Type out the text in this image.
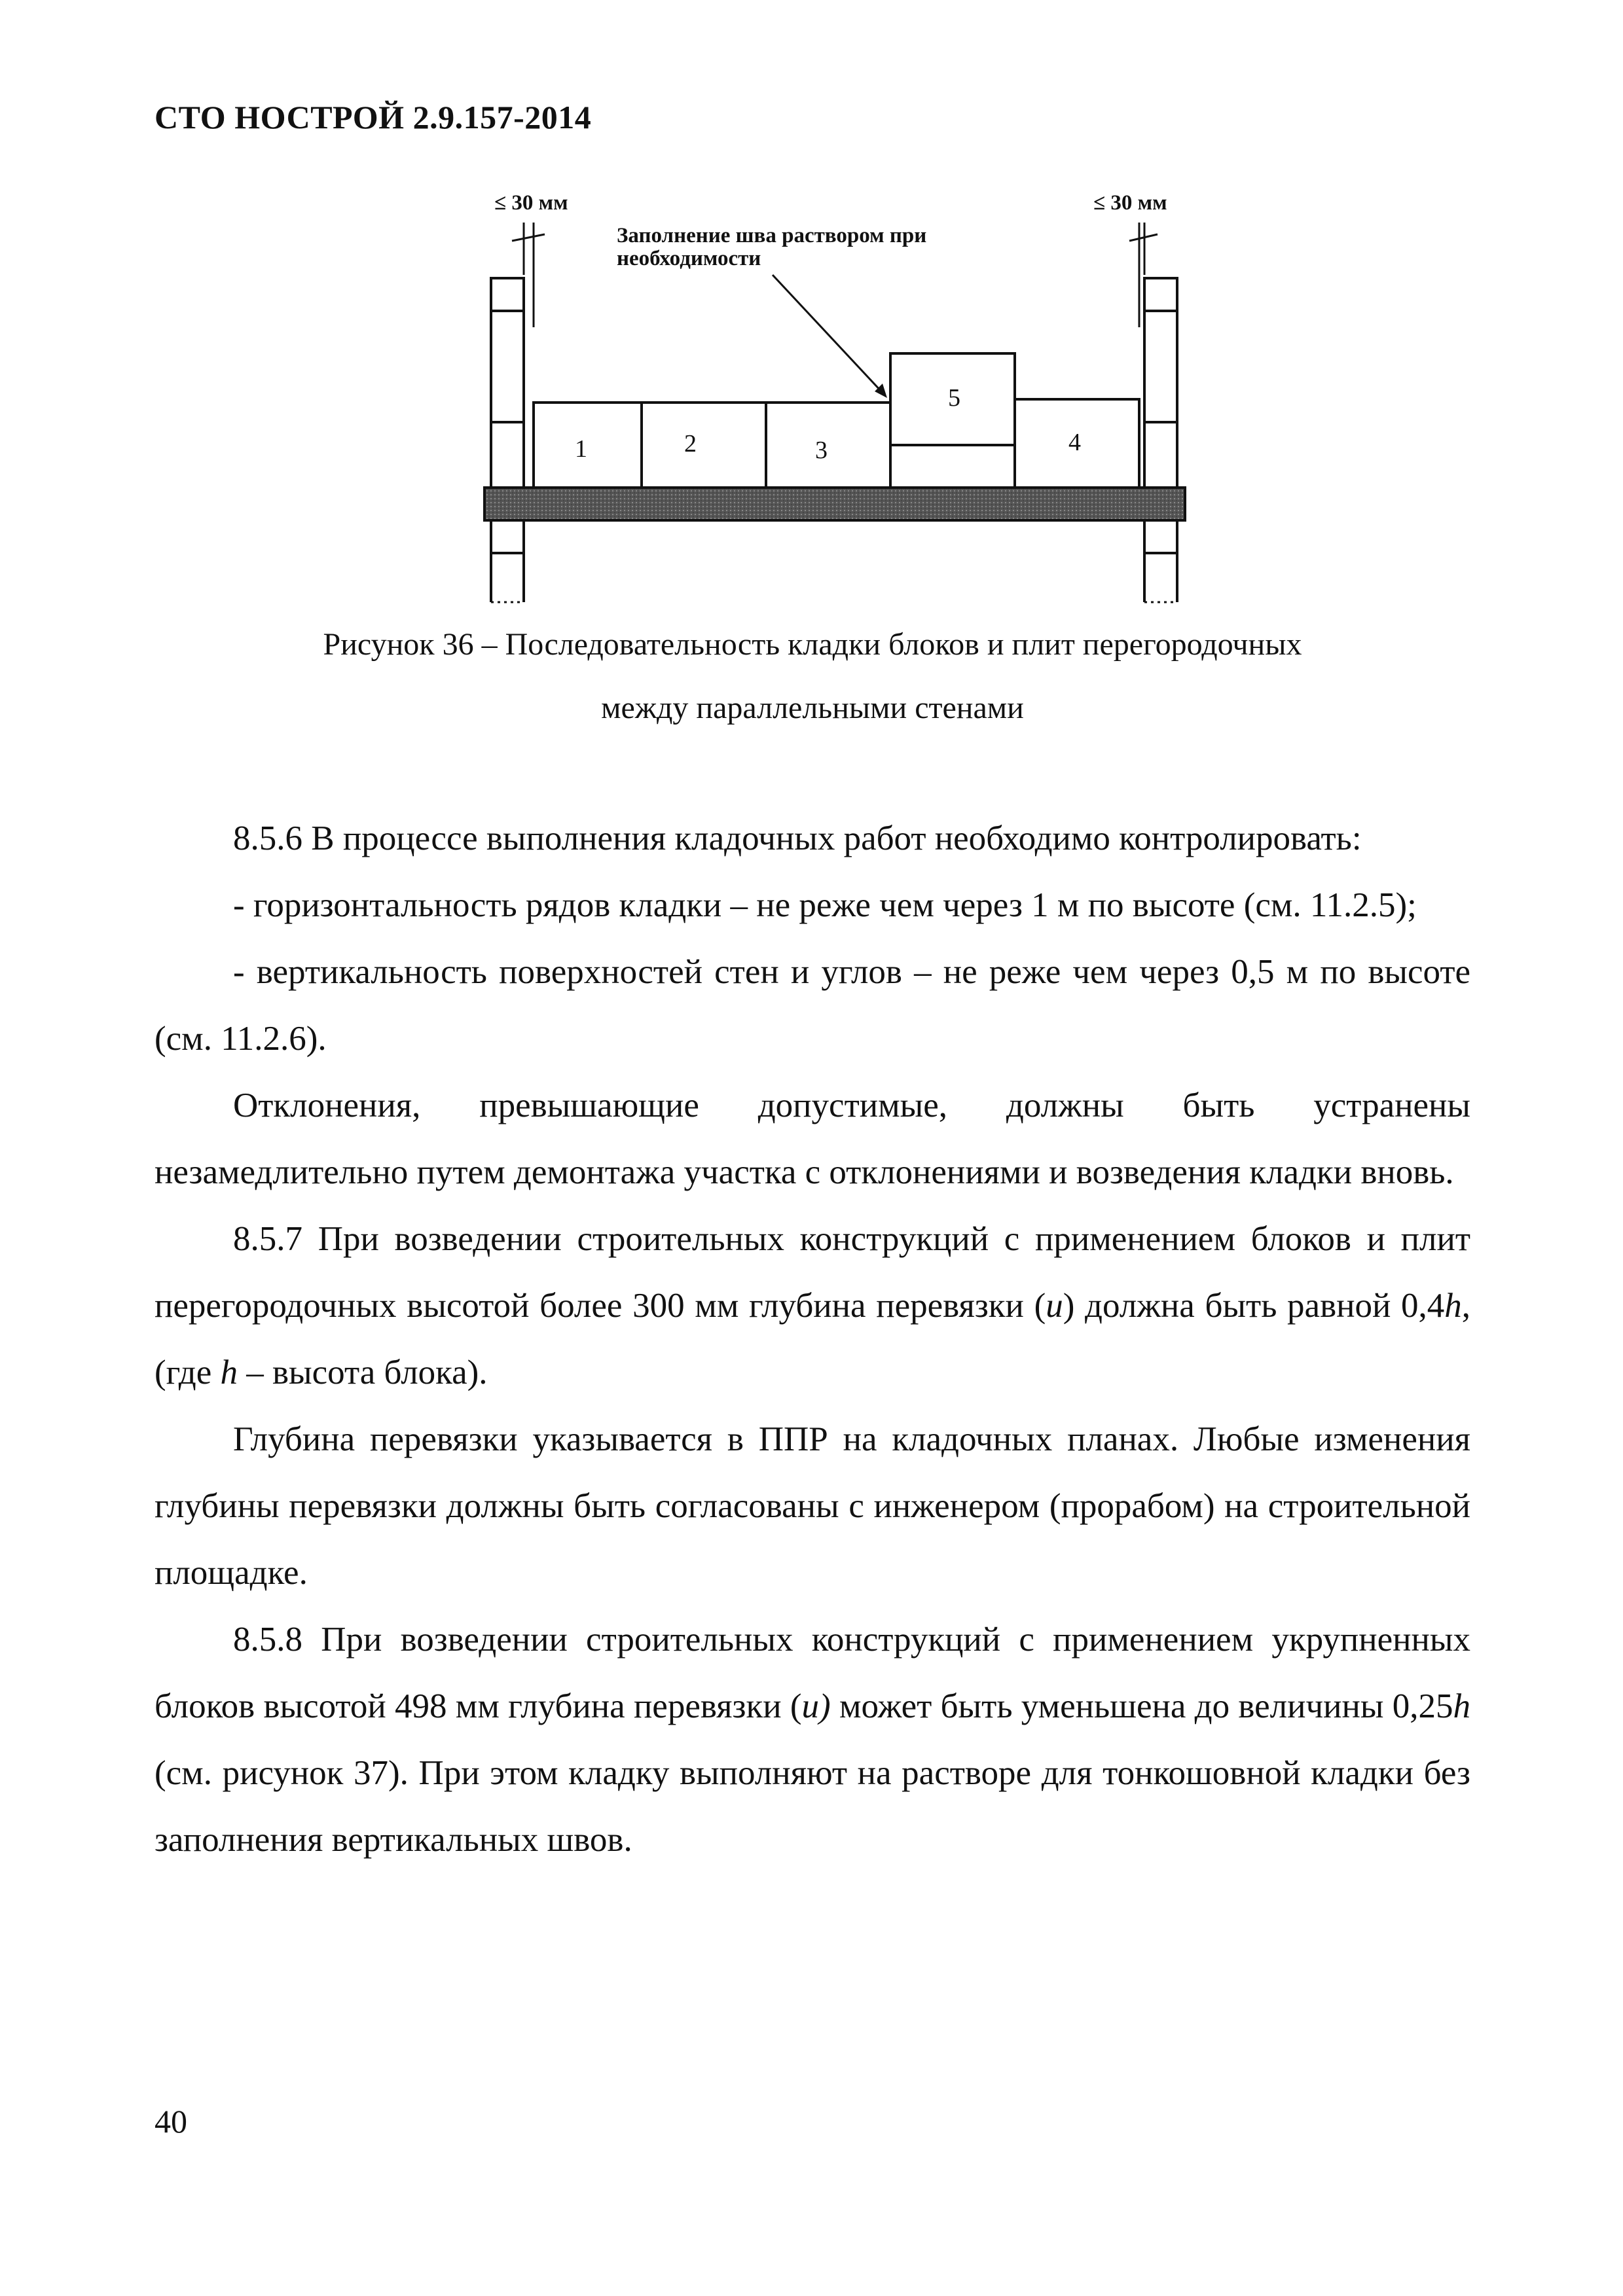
СТО НОСТРОЙ 2.9.157-2014
1	2	3	4
5
≤ 30 мм	≤ 30 мм
Заполнение шва раствором при
необходимости
Рисунок 36 – Последовательность кладки блоков и плит перегородочных
между параллельными стенами

8.5.6 В процессе выполнения кладочных работ необходимо контролировать:

- горизонтальность рядов кладки – не реже чем через 1 м по высоте (см. 11.2.5);

- вертикальность поверхностей стен и углов – не реже чем через 0,5 м по высоте (см. 11.2.6).

Отклонения, превышающие допустимые, должны быть устранены незамедлительно путем демонтажа участка с отклонениями и возведения кладки вновь.

8.5.7 При возведении строительных конструкций с применением блоков и плит перегородочных высотой более 300 мм глубина перевязки (u) должна быть равной 0,4h, (где h – высота блока).

Глубина перевязки указывается в ППР на кладочных планах. Любые изменения глубины перевязки должны быть согласованы с инженером (прорабом) на строительной площадке.

8.5.8 При возведении строительных конструкций с применением укрупненных блоков высотой 498 мм глубина перевязки (u) может быть уменьшена до величины 0,25h (см. рисунок 37). При этом кладку выполняют на растворе для тонкошовной кладки без заполнения вертикальных швов.

40
